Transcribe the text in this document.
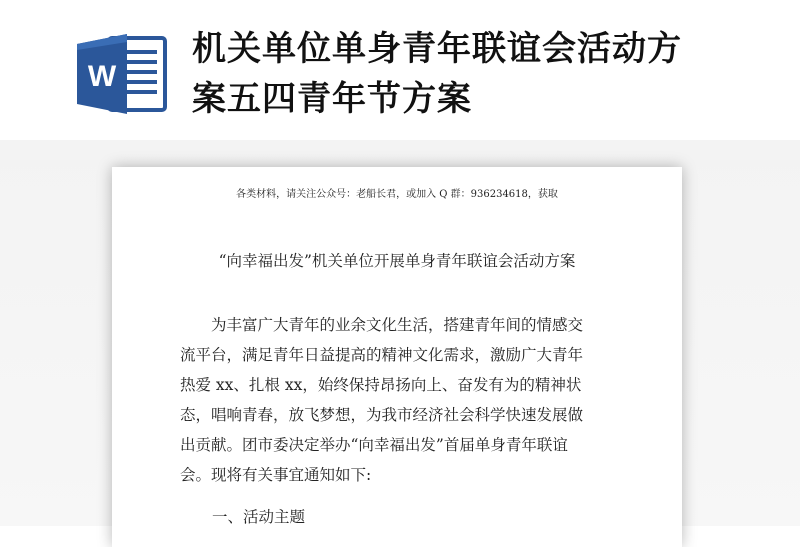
W
机关单位单身青年联谊会活动方
案五四青年节方案
各类材料，请关注公众号：老船长君，或加入 Q 群：936234618，获取
“向幸福出发”机关单位开展单身青年联谊会活动方案

为丰富广大青年的业余文化生活，搭建青年间的情感交
流平台，满足青年日益提高的精神文化需求，激励广大青年
热爱 xx、扎根 xx，始终保持昂扬向上、奋发有为的精神状
态，唱响青春，放飞梦想，为我市经济社会科学快速发展做
出贡献。团市委决定举办“向幸福出发”首届单身青年联谊
会。现将有关事宜通知如下:

一、活动主题
